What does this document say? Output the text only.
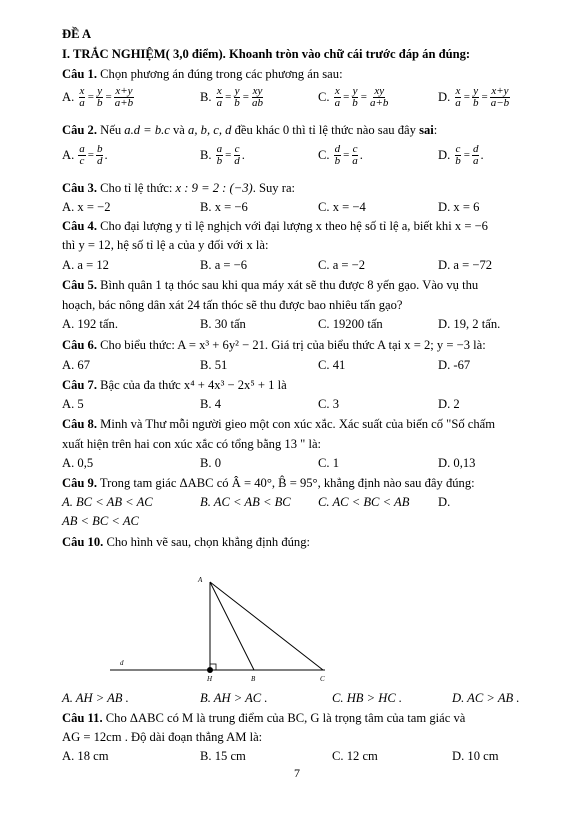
ĐỀ A
I. TRẮC NGHIỆM( 3,0 điểm). Khoanh tròn vào chữ cái trước đáp án đúng:
Câu 1. Chọn phương án đúng trong các phương án sau:
A. $\frac{x}{a} = \frac{y}{b} = \frac{x+y}{a+b}$	B. $\frac{x}{a} = \frac{y}{b} = \frac{xy}{ab}$	C. $\frac{x}{a} = \frac{y}{b} = \frac{xy}{a+b}$	D. $\frac{x}{a} = \frac{y}{b} = \frac{x+y}{a-b}$
Câu 2. Nếu a.d = b.c và a, b, c, d đều khác 0 thì tỉ lệ thức nào sau đây sai:
A. $\frac{a}{c} = \frac{b}{d}$ .	B. $\frac{a}{b} = \frac{c}{d}$ .	C. $\frac{d}{b} = \frac{c}{a}$ .	D. $\frac{c}{b} = \frac{d}{a}$ .
Câu 3. Cho tỉ lệ thức: x : 9 = 2 : (−3). Suy ra:
A. x = −2	B. x = −6	C. x = −4	D. x = 6
Câu 4. Cho đại lượng y tỉ lệ nghịch với đại lượng x theo hệ số tỉ lệ a, biết khi x = −6
thì y = 12, hệ số tỉ lệ a của y đối với x là:
A. a = 12	B. a = −6	C. a = −2	D. a = −72
Câu 5. Bình quân 1 tạ thóc sau khi qua máy xát sẽ thu được 8 yến gạo. Vào vụ thu
hoạch, bác nông dân xát 24 tấn thóc sẽ thu được bao nhiêu tấn gạo?
A. 192 tấn.	B. 30 tấn	C. 19200 tấn	D. 19, 2 tấn.
Câu 6. Cho biểu thức: A = x³ + 6y² − 21. Giá trị của biểu thức A tại x = 2; y = −3 là:
A. 67	B. 51	C. 41	D. -67
Câu 7. Bậc của đa thức x⁴ + 4x³ − 2x⁵ + 1 là
A. 5	B. 4	C. 3	D. 2
Câu 8. Minh và Thư mỗi người gieo một con xúc xắc. Xác suất của biến cố "Số chấm
xuất hiện trên hai con xúc xắc có tổng bằng 13 " là:
A. 0,5	B. 0	C. 1	D. 0,13
Câu 9. Trong tam giác ΔABC có Â = 40°, B̂ = 95°, khẳng định nào sau đây đúng:
A. BC < AB < AC	B. AC < AB < BC C. AC < BC < AB D.
AB < BC < AC
Câu 10. Cho hình vẽ sau, chọn khẳng định đúng:
A
d
H	B	C
A. AH > AB .	B. AH > AC .	C. HB > HC .	D. AC > AB .
Câu 11. Cho ΔABC có M là trung điểm của BC, G là trọng tâm của tam giác và
AG = 12cm . Độ dài đoạn thẳng AM là:
A. 18 cm	B. 15 cm	C. 12 cm	D. 10 cm
7
